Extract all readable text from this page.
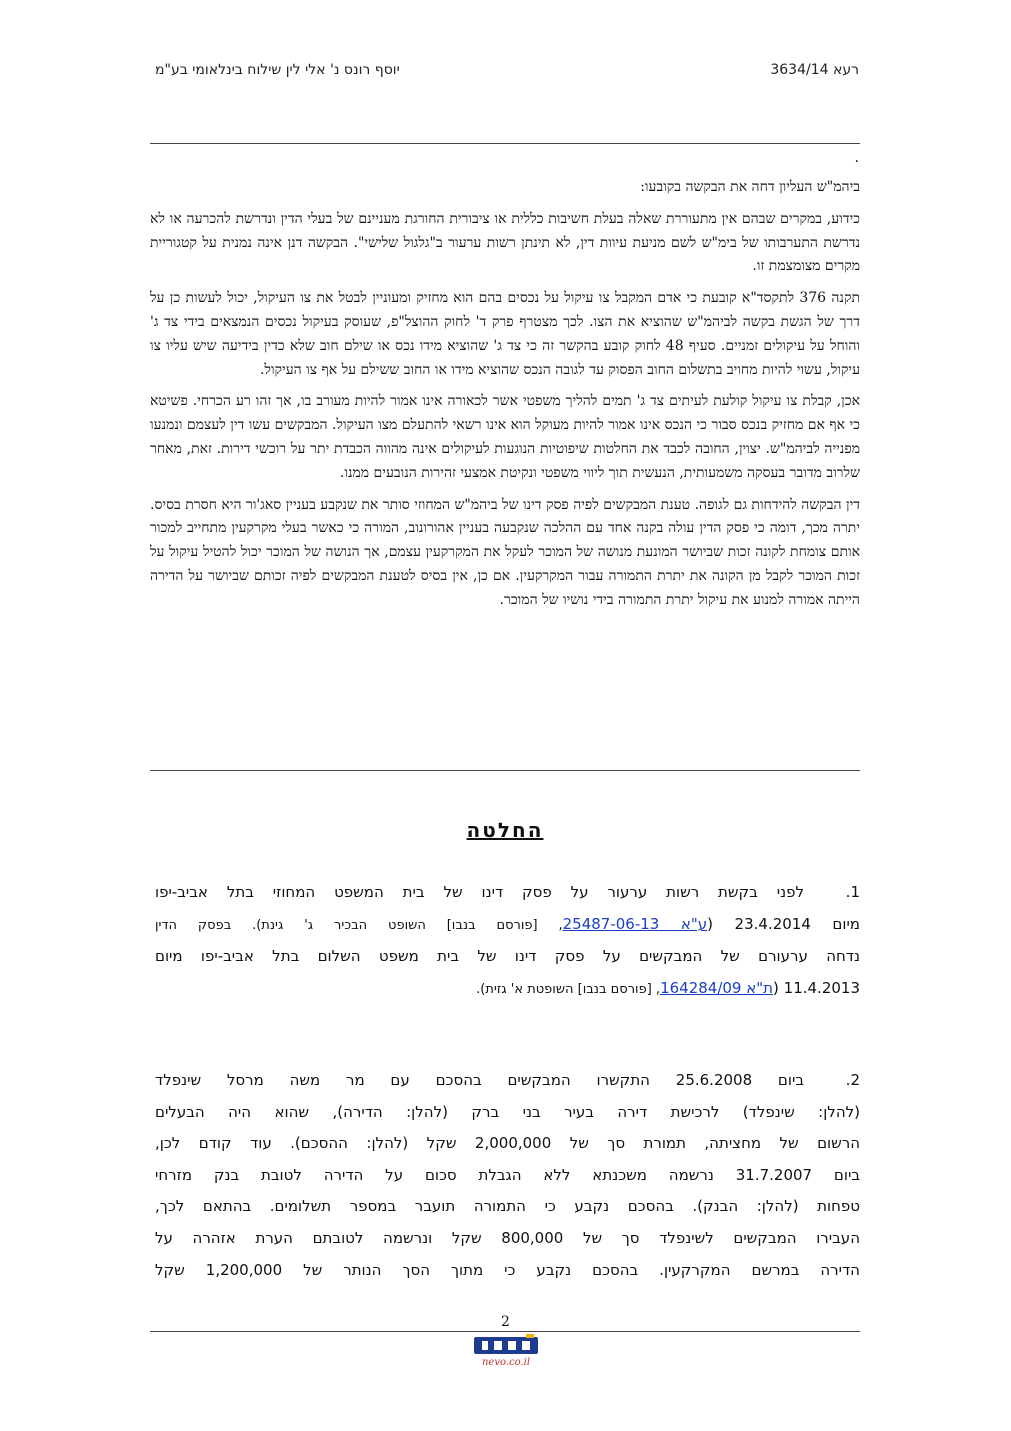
רעא 3634/14
יוסף רונס נ' אלי לין שילוח בינלאומי בע"מ
.

ביהמ"ש העליון דחה את הבקשה בקובעו:

כידוע, במקרים שבהם אין מתעוררת שאלה בעלת חשיבות כללית או ציבורית החורגת מעניינם של בעלי הדין ונדרשת להכרעה או לא נדרשת התערבותו של בימ"ש לשם מניעת עיוות דין, לא תינתן רשות ערעור ב"גלגול שלישי". הבקשה דנן אינה נמנית על קטגוריית מקרים מצומצמת זו.

תקנה 376 לתקסד"א קובעת כי אדם המקבל צו עיקול על נכסים בהם הוא מחזיק ומעוניין לבטל את צו העיקול, יכול לעשות כן על דרך של הגשת בקשה לביהמ"ש שהוציא את הצו. לכך מצטרף פרק ד' לחוק ההוצל"פ, שעוסק בעיקול נכסים הנמצאים בידי צד ג' והוחל על עיקולים זמניים. סעיף 48 לחוק קובע בהקשר זה כי צד ג' שהוציא מידו נכס או שילם חוב שלא כדין בידיעה שיש עליו צו עיקול, עשוי להיות מחויב בתשלום החוב הפסוק עד לגובה הנכס שהוציא מידו או החוב ששילם על אף צו העיקול.

אכן, קבלת צו עיקול קולעת לעיתים צד ג' תמים להליך משפטי אשר לכאורה אינו אמור להיות מעורב בו, אך זהו רע הכרחי. פשיטא כי אף אם מחזיק בנכס סבור כי הנכס אינו אמור להיות מעוקל הוא אינו רשאי להתעלם מצו העיקול. המבקשים עשו דין לעצמם ונמנעו מפנייה לביהמ"ש. יצוין, החובה לכבד את החלטות שיפוטיות הנוגעות לעיקולים אינה מהווה הכבדת יתר על רוכשי דירות. זאת, מאחר שלרוב מדובר בעסקה משמעותית, הנעשית תוך ליווי משפטי ונקיטת אמצעי זהירות הנובעים ממנו.

דין הבקשה להידחות גם לגופה. טענת המבקשים לפיה פסק דינו של ביהמ"ש המחוזי סותר את שנקבע בעניין סאג'ור היא חסרת בסיס. יתרה מכך, דומה כי פסק הדין עולה בקנה אחד עם ההלכה שנקבעה בעניין אהורונוב, המורה כי כאשר בעלי מקרקעין מתחייב למכור אותם צומחת לקונה זכות שביושר המונעת מנושה של המוכר לעקל את המקרקעין עצמם, אך הנושה של המוכר יכול להטיל עיקול על זכות המוכר לקבל מן הקונה את יתרת התמורה עבור המקרקעין. אם כן, אין בסיס לטענת המבקשים לפיה זכותם שביושר על הדירה הייתה אמורה למנוע את עיקול יתרת התמורה בידי נושיו של המוכר.

החלטה

1.לפני בקשת רשות ערעור על פסק דינו של בית המשפט המחוזי בתל אביב-יפו

מיום 23.4.2014 (ע"א 25487-06-13, [פורסם בנבו] השופט הבכיר ג' גינת). בפסק הדין

נדחה ערעורם של המבקשים על פסק דינו של בית משפט השלום בתל אביב-יפו מיום

11.4.2013 (ת"א 164284/09, [פורסם בנבו] השופטת א' גזית).

2.ביום 25.6.2008 התקשרו המבקשים בהסכם עם מר משה מרסל שינפלד

(להלן: שינפלד) לרכישת דירה בעיר בני ברק (להלן: הדירה), שהוא היה הבעלים

הרשום של מחציתה, תמורת סך של 2,000,000 שקל (להלן: ההסכם). עוד קודם לכן,

ביום 31.7.2007 נרשמה משכנתא ללא הגבלת סכום על הדירה לטובת בנק מזרחי

טפחות (להלן: הבנק). בהסכם נקבע כי התמורה תועבר במספר תשלומים. בהתאם לכך,

העבירו המבקשים לשינפלד סך של 800,000 שקל ונרשמה לטובתם הערת אזהרה על

הדירה במרשם המקרקעין. בהסכם נקבע כי מתוך הסך הנותר של 1,200,000 שקל

2
nevo.co.il
